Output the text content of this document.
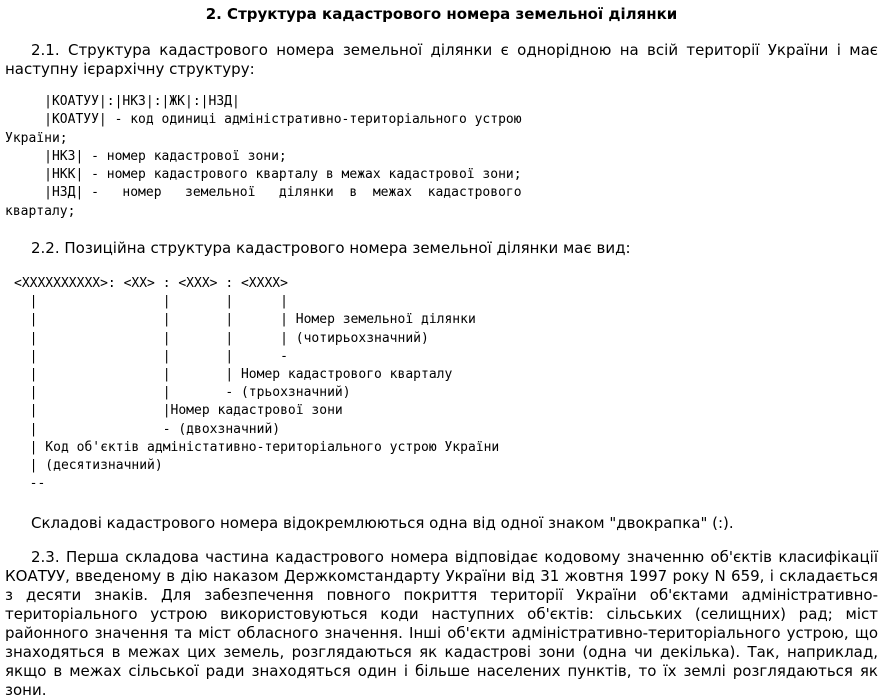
2. Структура кадастрового номера земельної ділянки

2.1. Структура кадастрового номера земельної ділянки є однорідною на всій території України і має наступну ієрархічну структуру:

|КОАТУУ|:|НКЗ|:|ЖК|:|НЗД|
|КОАТУУ| - код одиниці адміністративно-територіального устрою
України;
|НКЗ| - номер кадастрової зони;
|НКК| - номер кадастрового кварталу в межах кадастрової зони;
|НЗД| -   номер   земельної   ділянки  в  межах  кадастрового
кварталу;

2.2. Позиційна структура кадастрового номера земельної ділянки має вид:

<XXXXXXXXXX>: <XX> : <XXX> : <XXXX>
|                |       |      |
|                |       |      | Номер земельної ділянки
|                |       |      | (чотирьохзначний)
|                |       |      -
|                |       | Номер кадастрового кварталу
|                |       - (трьохзначний)
|                |Номер кадастрової зони
|                - (двохзначний)
| Код об'єктів адміністативно-територіального устрою України
| (десятизначний)
--

Складові кадастрового номера відокремлюються одна від одної знаком "двокрапка" (:).

2.3. Перша складова частина кадастрового номера відповідає кодовому значенню об'єктів класифікації КОАТУУ, введеному в дію наказом Держкомстандарту України від 31 жовтня 1997 року N 659, і складається з десяти знаків. Для забезпечення повного покриття території України об'єктами адміністративно-територіального устрою використовуються коди наступних об'єктів: сільських (селищних) рад; міст районного значення та міст обласного значення. Інші об'єкти адміністративно-територіального устрою, що знаходяться в межах цих земель, розглядаються як кадастрові зони (одна чи декілька). Так, наприклад, якщо в межах сільської ради знаходяться один і більше населених пунктів, то їх землі розглядаються як зони.
